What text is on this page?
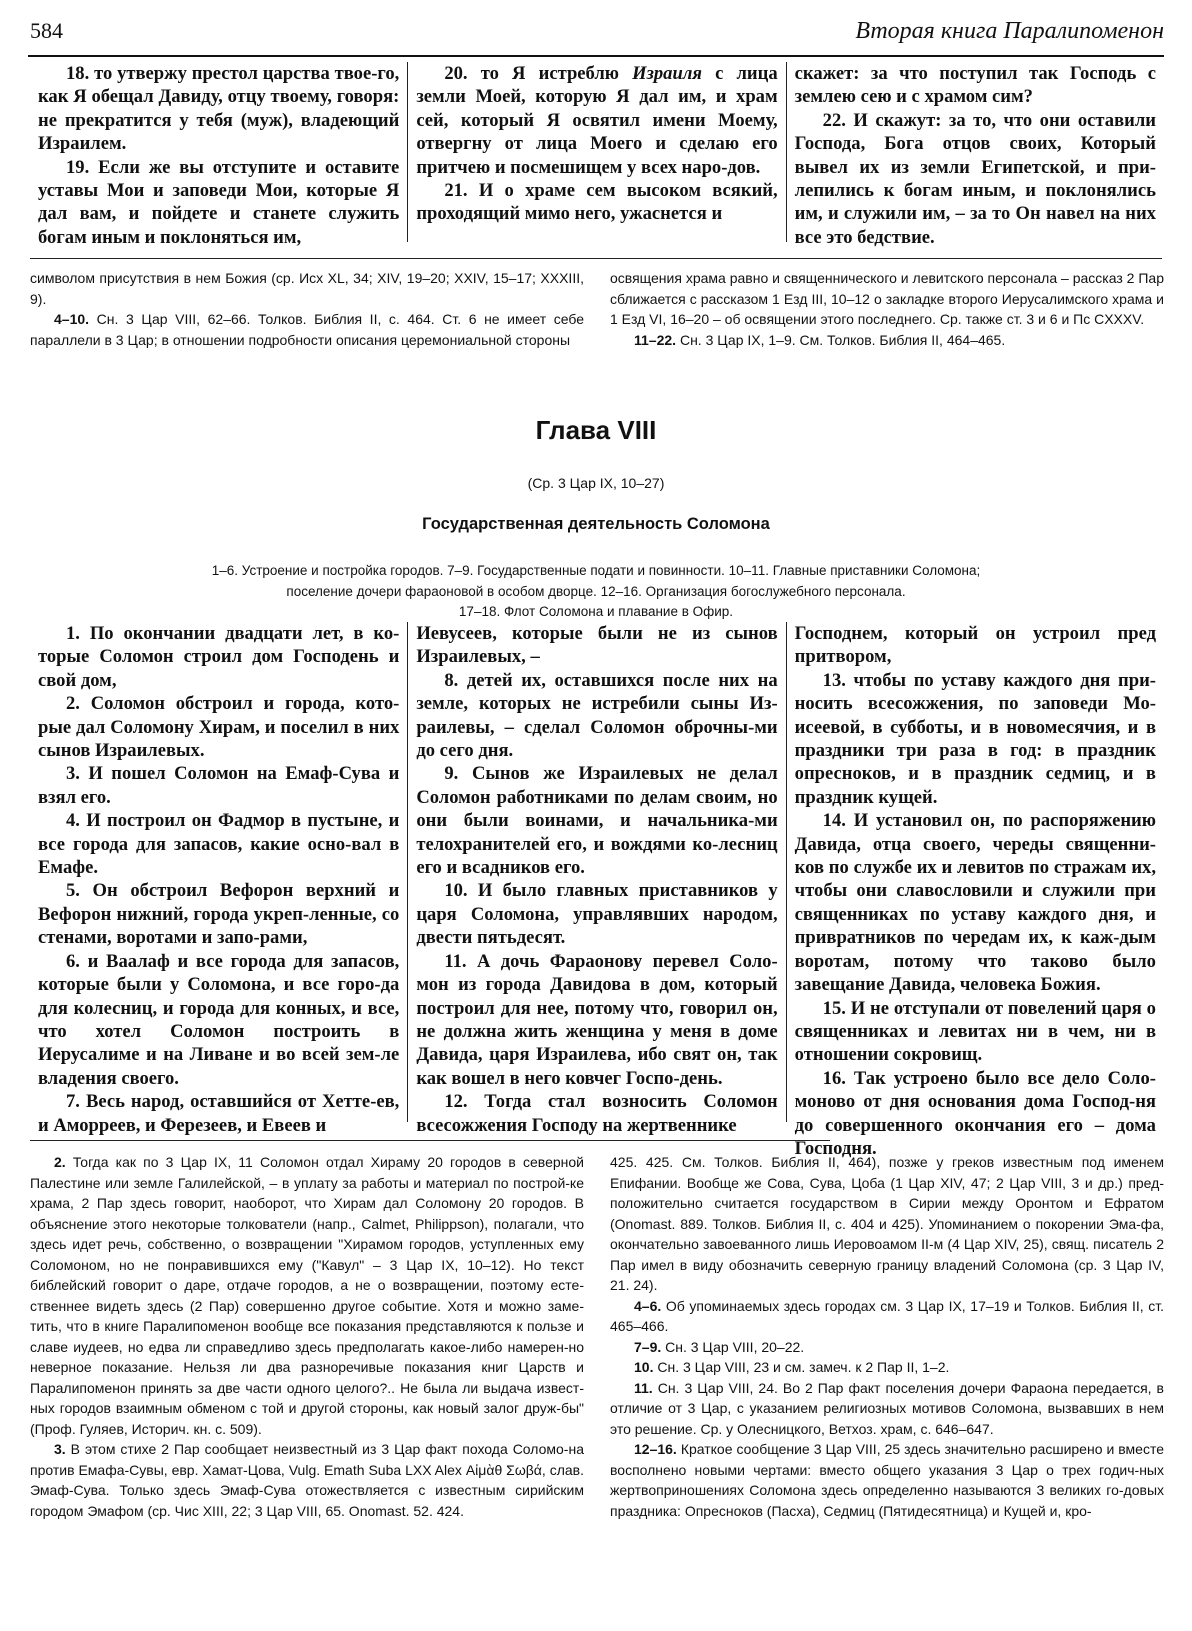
584	Вторая книга Паралипоменон

18. то утвержу престол царства твое-го, как Я обещал Давиду, отцу твоему, говоря: не прекратится у тебя (муж), владеющий Израилем.

19. Если же вы отступите и оставите уставы Мои и заповеди Мои, которые Я дал вам, и пойдете и станете служить богам иным и поклоняться им,

20. то Я истреблю Израиля с лица земли Моей, которую Я дал им, и храм сей, который Я освятил имени Моему, отвергну от лица Моего и сделаю его притчею и посмешищем у всех наро-дов.

21. И о храме сем высоком всякий, проходящий мимо него, ужаснется и

скажет: за что поступил так Господь с землею сею и с храмом сим?

22. И скажут: за то, что они оставили Господа, Бога отцов своих, Который вывел их из земли Египетской, и при-лепились к богам иным, и поклонялись им, и служили им, – за то Он навел на них все это бедствие.

символом присутствия в нем Божия (ср. Исх XL, 34; XIV, 19–20; XXIV, 15–17; XXXIII, 9).

4–10. Сн. 3 Цар VIII, 62–66. Толков. Библия II, с. 464. Ст. 6 не имеет себе параллели в 3 Цар; в отношении подробности описания церемониальной стороны

освящения храма равно и священнического и левитского персонала – рассказ 2 Пар сближается с рассказом 1 Езд III, 10–12 о закладке второго Иерусалимского храма и 1 Езд VI, 16–20 – об освящении этого последнего. Ср. также ст. 3 и 6 и Пс CXXXV.

11–22. Сн. 3 Цар IX, 1–9. См. Толков. Библия II, 464–465.

Глава VIII
(Ср. 3 Цар IX, 10–27)
Государственная деятельность Соломона
1–6. Устроение и постройка городов. 7–9. Государственные подати и повинности. 10–11. Главные приставники Соломона;
поселение дочери фараоновой в особом дворце. 12–16. Организация богослужебного персонала.
17–18. Флот Соломона и плавание в Офир.

1. По окончании двадцати лет, в ко-торые Соломон строил дом Господень и свой дом,

2. Соломон обстроил и города, кото-рые дал Соломону Хирам, и поселил в них сынов Израилевых.

3. И пошел Соломон на Емаф-Сува и взял его.

4. И построил он Фадмор в пустыне, и все города для запасов, какие осно-вал в Емафе.

5. Он обстроил Вефорон верхний и Вефорон нижний, города укреп-ленные, со стенами, воротами и запо-рами,

6. и Ваалаф и все города для запасов, которые были у Соломона, и все горо-да для колесниц, и города для конных, и все, что хотел Соломон построить в Иерусалиме и на Ливане и во всей зем-ле владения своего.

7. Весь народ, оставшийся от Хетте-ев, и Аморреев, и Ферезеев, и Евеев и

Иевусеев, которые были не из сынов Израилевых, –

8. детей их, оставшихся после них на земле, которых не истребили сыны Из-раилевы, – сделал Соломон оброчны-ми до сего дня.

9. Сынов же Израилевых не делал Соломон работниками по делам своим, но они были воинами, и начальника-ми телохранителей его, и вождями ко-лесниц его и всадников его.

10. И было главных приставников у царя Соломона, управлявших народом, двести пятьдесят.

11. А дочь Фараонову перевел Соло-мон из города Давидова в дом, который построил для нее, потому что, говорил он, не должна жить женщина у меня в доме Давида, царя Израилева, ибо свят он, так как вошел в него ковчег Госпо-день.

12. Тогда стал возносить Соломон всесожжения Господу на жертвеннике

Господнем, который он устроил пред притвором,

13. чтобы по уставу каждого дня при-носить всесожжения, по заповеди Мо-исеевой, в субботы, и в новомесячия, и в праздники три раза в год: в праздник опресноков, и в праздник седмиц, и в праздник кущей.

14. И установил он, по распоряжению Давида, отца своего, череды священни-ков по службе их и левитов по стражам их, чтобы они славословили и служили при священниках по уставу каждого дня, и привратников по чередам их, к каж-дым воротам, потому что таково было завещание Давида, человека Божия.

15. И не отступали от повелений царя о священниках и левитах ни в чем, ни в отношении сокровищ.

16. Так устроено было все дело Соло-моново от дня основания дома Господ-ня до совершенного окончания его – дома Господня.

2. Тогда как по 3 Цар IX, 11 Соломон отдал Хираму 20 городов в северной Палестине или земле Галилейской, – в уплату за работы и материал по построй-ке храма, 2 Пар здесь говорит, наоборот, что Хирам дал Соломону 20 городов. В объяснение этого некоторые толкователи (напр., Calmet, Philippson), полагали, что здесь идет речь, собственно, о возвращении "Хирамом городов, уступленных ему Соломоном, но не понравившихся ему ("Кавул" – 3 Цар IX, 10–12). Но текст библейский говорит о даре, отдаче городов, а не о возвращении, поэтому есте-ственнее видеть здесь (2 Пар) совершенно другое событие. Хотя и можно заме-тить, что в книге Паралипоменон вообще все показания представляются к пользе и славе иудеев, но едва ли справедливо здесь предполагать какое-либо намерен-но неверное показание. Нельзя ли два разноречивые показания книг Царств и Паралипоменон принять за две части одного целого?.. Не была ли выдача извест-ных городов взаимным обменом с той и другой стороны, как новый залог друж-бы" (Проф. Гуляев, Историч. кн. с. 509).

3. В этом стихе 2 Пар сообщает неизвестный из 3 Цар факт похода Соломо-на против Емафа-Сувы, евр. Хамат-Цова, Vulg. Emath Suba LXX Alex Αἰμὰθ Σωβά, слав. Эмаф-Сува. Только здесь Эмаф-Сува отожествляется с известным сирийским городом Эмафом (ср. Чис XIII, 22; 3 Цар VIII, 65. Onomast. 52. 424.

425. 425. См. Толков. Библия II, 464), позже у греков известным под именем Епифании. Вообще же Сова, Сува, Цоба (1 Цар XIV, 47; 2 Цар VIII, 3 и др.) пред-положительно считается государством в Сирии между Оронтом и Ефратом (Onomast. 889. Толков. Библия II, с. 404 и 425). Упоминанием о покорении Эма-фа, окончательно завоеванного лишь Иеровоамом II-м (4 Цар XIV, 25), свящ. писатель 2 Пар имел в виду обозначить северную границу владений Соломона (ср. 3 Цар IV, 21. 24).

4–6. Об упоминаемых здесь городах см. 3 Цар IX, 17–19 и Толков. Библия II, ст. 465–466.

7–9. Сн. 3 Цар VIII, 20–22.

10. Сн. 3 Цар VIII, 23 и см. замеч. к 2 Пар II, 1–2.

11. Сн. 3 Цар VIII, 24. Во 2 Пар факт поселения дочери Фараона передается, в отличие от 3 Цар, с указанием религиозных мотивов Соломона, вызвавших в нем это решение. Ср. у Олесницкого, Ветхоз. храм, с. 646–647.

12–16. Краткое сообщение 3 Цар VIII, 25 здесь значительно расширено и вместе восполнено новыми чертами: вместо общего указания 3 Цар о трех годич-ных жертвоприношениях Соломона здесь определенно называются 3 великих го-довых праздника: Опресноков (Пасха), Седмиц (Пятидесятница) и Кущей и, кро-
